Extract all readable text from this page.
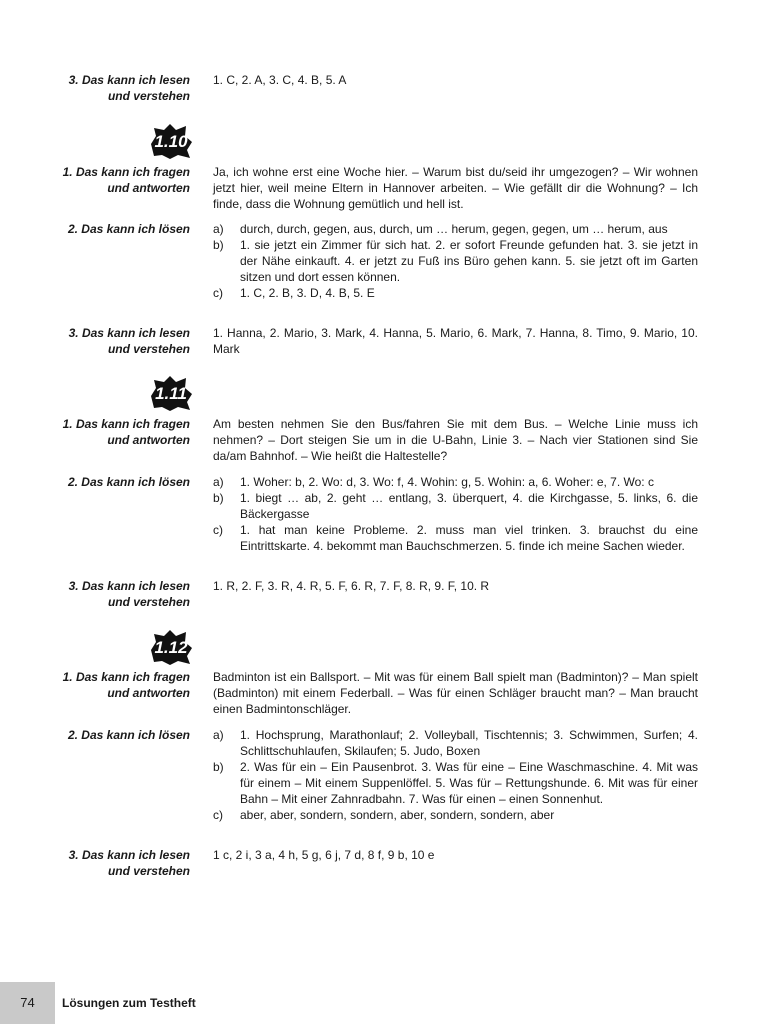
3. Das kann ich lesen
und verstehen

1. C, 2. A, 3. C, 4. B, 5. A

1.10
1. Das kann ich fragen
und antworten

Ja, ich wohne erst eine Woche hier. – Warum bist du/seid ihr umgezogen? – Wir wohnen jetzt hier, weil meine Eltern in Hannover arbeiten. – Wie gefällt dir die Wohnung? – Ich finde, dass die Wohnung gemütlich und hell ist.

2. Das kann ich lösen a) durch, durch, gegen, aus, durch, um … herum, gegen, gegen, um … herum, aus
b) 1. sie jetzt ein Zimmer für sich hat. 2. er sofort Freunde gefunden hat. 3. sie jetzt in der Nähe einkauft. 4. er jetzt zu Fuß ins Büro gehen kann. 5. sie jetzt oft im Garten sitzen und dort essen können.
c) 1. C, 2. B, 3. D, 4. B, 5. E
3. Das kann ich lesen
und verstehen

1. Hanna, 2. Mario, 3. Mark, 4. Hanna, 5. Mario, 6. Mark, 7. Hanna, 8. Timo, 9. Mario, 10. Mark

1.11
1. Das kann ich fragen
und antworten

Am besten nehmen Sie den Bus/fahren Sie mit dem Bus. – Welche Linie muss ich nehmen? – Dort steigen Sie um in die U-Bahn, Linie 3. – Nach vier Stationen sind Sie da/am Bahnhof. – Wie heißt die Haltestelle?

2. Das kann ich lösen a) 1. Woher: b, 2. Wo: d, 3. Wo: f, 4. Wohin: g, 5. Wohin: a, 6. Woher: e, 7. Wo: c
b) 1. biegt … ab, 2. geht … entlang, 3. überquert, 4. die Kirchgasse, 5. links, 6. die Bäckergasse
c) 1. hat man keine Probleme. 2. muss man viel trinken. 3. brauchst du eine Eintrittskarte. 4. bekommt man Bauchschmerzen. 5. finde ich meine Sachen wieder.
3. Das kann ich lesen
und verstehen

1. R, 2. F, 3. R, 4. R, 5. F, 6. R, 7. F, 8. R, 9. F, 10. R

1.12
1. Das kann ich fragen
und antworten

Badminton ist ein Ballsport. – Mit was für einem Ball spielt man (Badminton)? – Man spielt (Badminton) mit einem Federball. – Was für einen Schläger braucht man? – Man braucht einen Badmintonschläger.

2. Das kann ich lösen a) 1. Hochsprung, Marathonlauf; 2. Volleyball, Tischtennis; 3. Schwimmen, Surfen; 4. Schlittschuhlaufen, Skilaufen; 5. Judo, Boxen
b) 2. Was für ein – Ein Pausenbrot. 3. Was für eine – Eine Waschmaschine. 4. Mit was für einem – Mit einem Suppenlöffel. 5. Was für – Rettungshunde. 6. Mit was für einer Bahn – Mit einer Zahnradbahn. 7. Was für einen – einen Sonnenhut.
c) aber, aber, sondern, sondern, aber, sondern, sondern, aber
3. Das kann ich lesen
und verstehen

1 c, 2 i, 3 a, 4 h, 5 g, 6 j, 7 d, 8 f, 9 b, 10 e

74	Lösungen zum Testheft
